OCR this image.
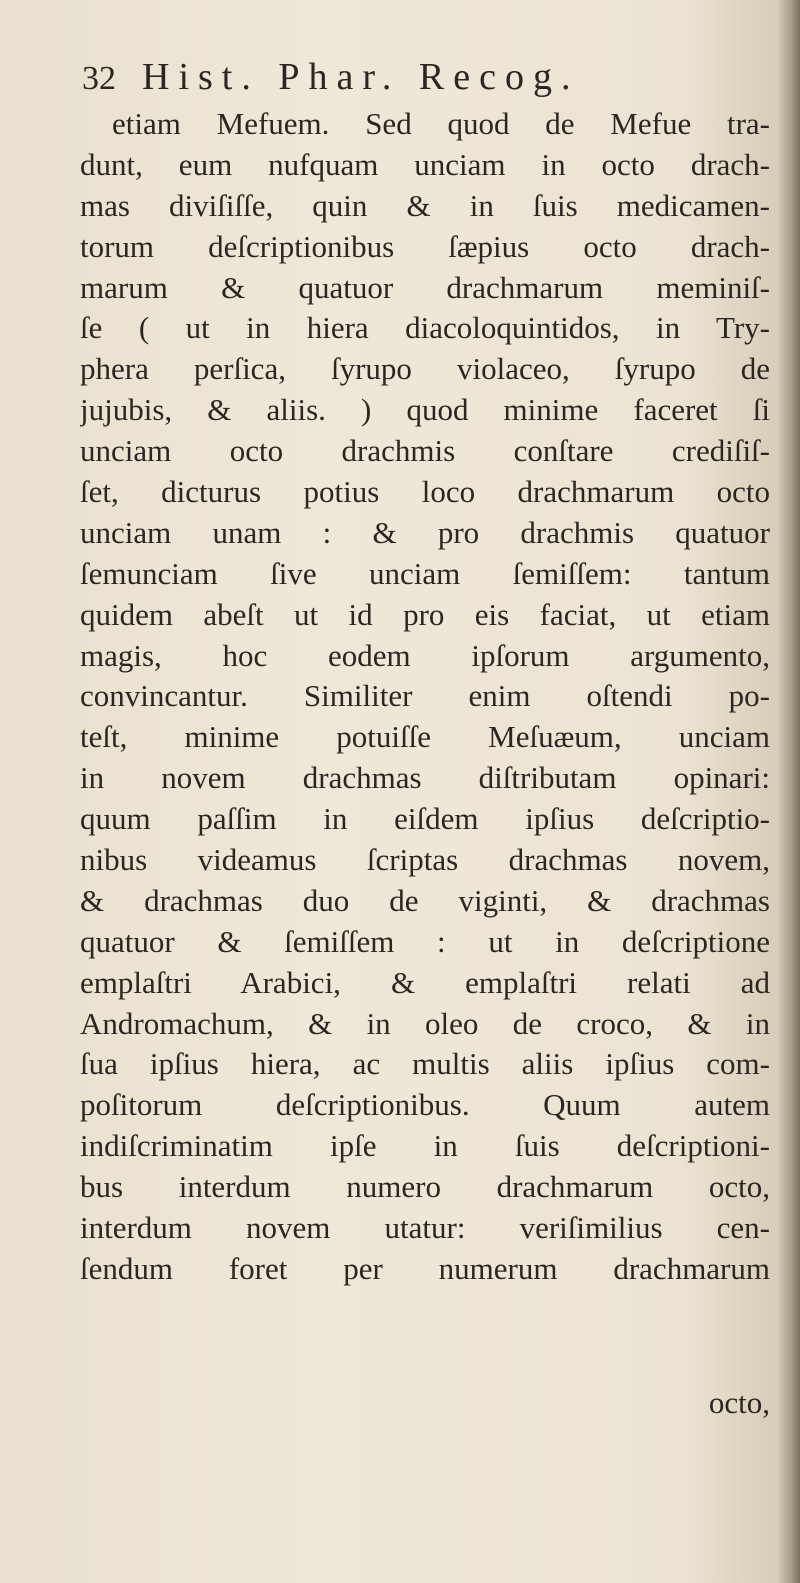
32 Hist. Phar. Recog.
etiam Mefuem. Sed quod de Mefue tra-
dunt, eum nufquam unciam in octo drach-
mas diviſiſſe, quin & in ſuis medicamen-
torum deſcriptionibus ſæpius octo drach-
marum & quatuor drachmarum meminiſ-
ſe ( ut in hiera diacoloquintidos, in Try-
phera perſica, ſyrupo violaceo, ſyrupo de
jujubis, & aliis. ) quod minime faceret ſi
unciam octo drachmis conſtare crediſiſ-
ſet, dicturus potius loco drachmarum octo
unciam unam : & pro drachmis quatuor
ſemunciam ſive unciam ſemiſſem: tantum
quidem abeſt ut id pro eis faciat, ut etiam
magis, hoc eodem ipſorum argumento,
convincantur. Similiter enim oſtendi po-
teſt, minime potuiſſe Meſuæum, unciam
in novem drachmas diſtributam opinari:
quum paſſim in eiſdem ipſius deſcriptio-
nibus videamus ſcriptas drachmas novem,
& drachmas duo de viginti, & drachmas
quatuor & ſemiſſem : ut in deſcriptione
emplaſtri Arabici, & emplaſtri relati ad
Andromachum, & in oleo de croco, & in
ſua ipſius hiera, ac multis aliis ipſius com-
poſitorum deſcriptionibus. Quum autem
indiſcriminatim ipſe in ſuis deſcriptioni-
bus interdum numero drachmarum octo,
interdum novem utatur: veriſimilius cen-
ſendum foret per numerum drachmarum
octo,
